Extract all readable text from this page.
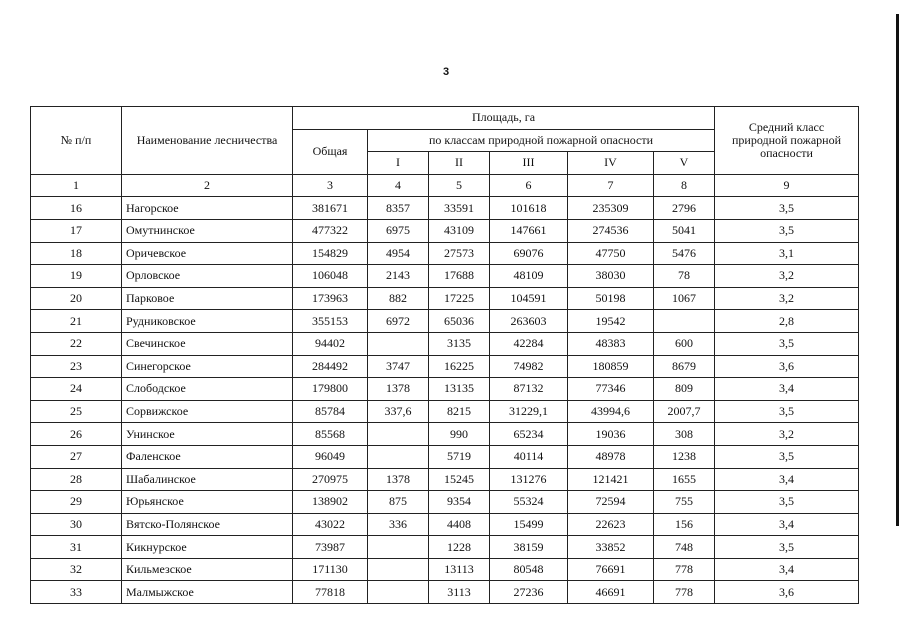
3
№ п/п	Наименование лесничества	Площадь, га						Средний класс природной пожарной опасности
		Общая	по классам природной пожарной опасности					
			I	II	III	IV	V	
1	2	3	4	5	6	7	8	9
16	Нагорское	381671	8357	33591	101618	235309	2796	3,5
17	Омутнинское	477322	6975	43109	147661	274536	5041	3,5
18	Оричевское	154829	4954	27573	69076	47750	5476	3,1
19	Орловское	106048	2143	17688	48109	38030	78	3,2
20	Парковое	173963	882	17225	104591	50198	1067	3,2
21	Рудниковское	355153	6972	65036	263603	19542		2,8
22	Свечинское	94402		3135	42284	48383	600	3,5
23	Синегорское	284492	3747	16225	74982	180859	8679	3,6
24	Слободское	179800	1378	13135	87132	77346	809	3,4
25	Сорвижское	85784	337,6	8215	31229,1	43994,6	2007,7	3,5
26	Унинское	85568		990	65234	19036	308	3,2
27	Фаленское	96049		5719	40114	48978	1238	3,5
28	Шабалинское	270975	1378	15245	131276	121421	1655	3,4
29	Юрьянское	138902	875	9354	55324	72594	755	3,5
30	Вятско-Полянское	43022	336	4408	15499	22623	156	3,4
31	Кикнурское	73987		1228	38159	33852	748	3,5
32	Кильмезское	171130		13113	80548	76691	778	3,4
33	Малмыжское	77818		3113	27236	46691	778	3,6
